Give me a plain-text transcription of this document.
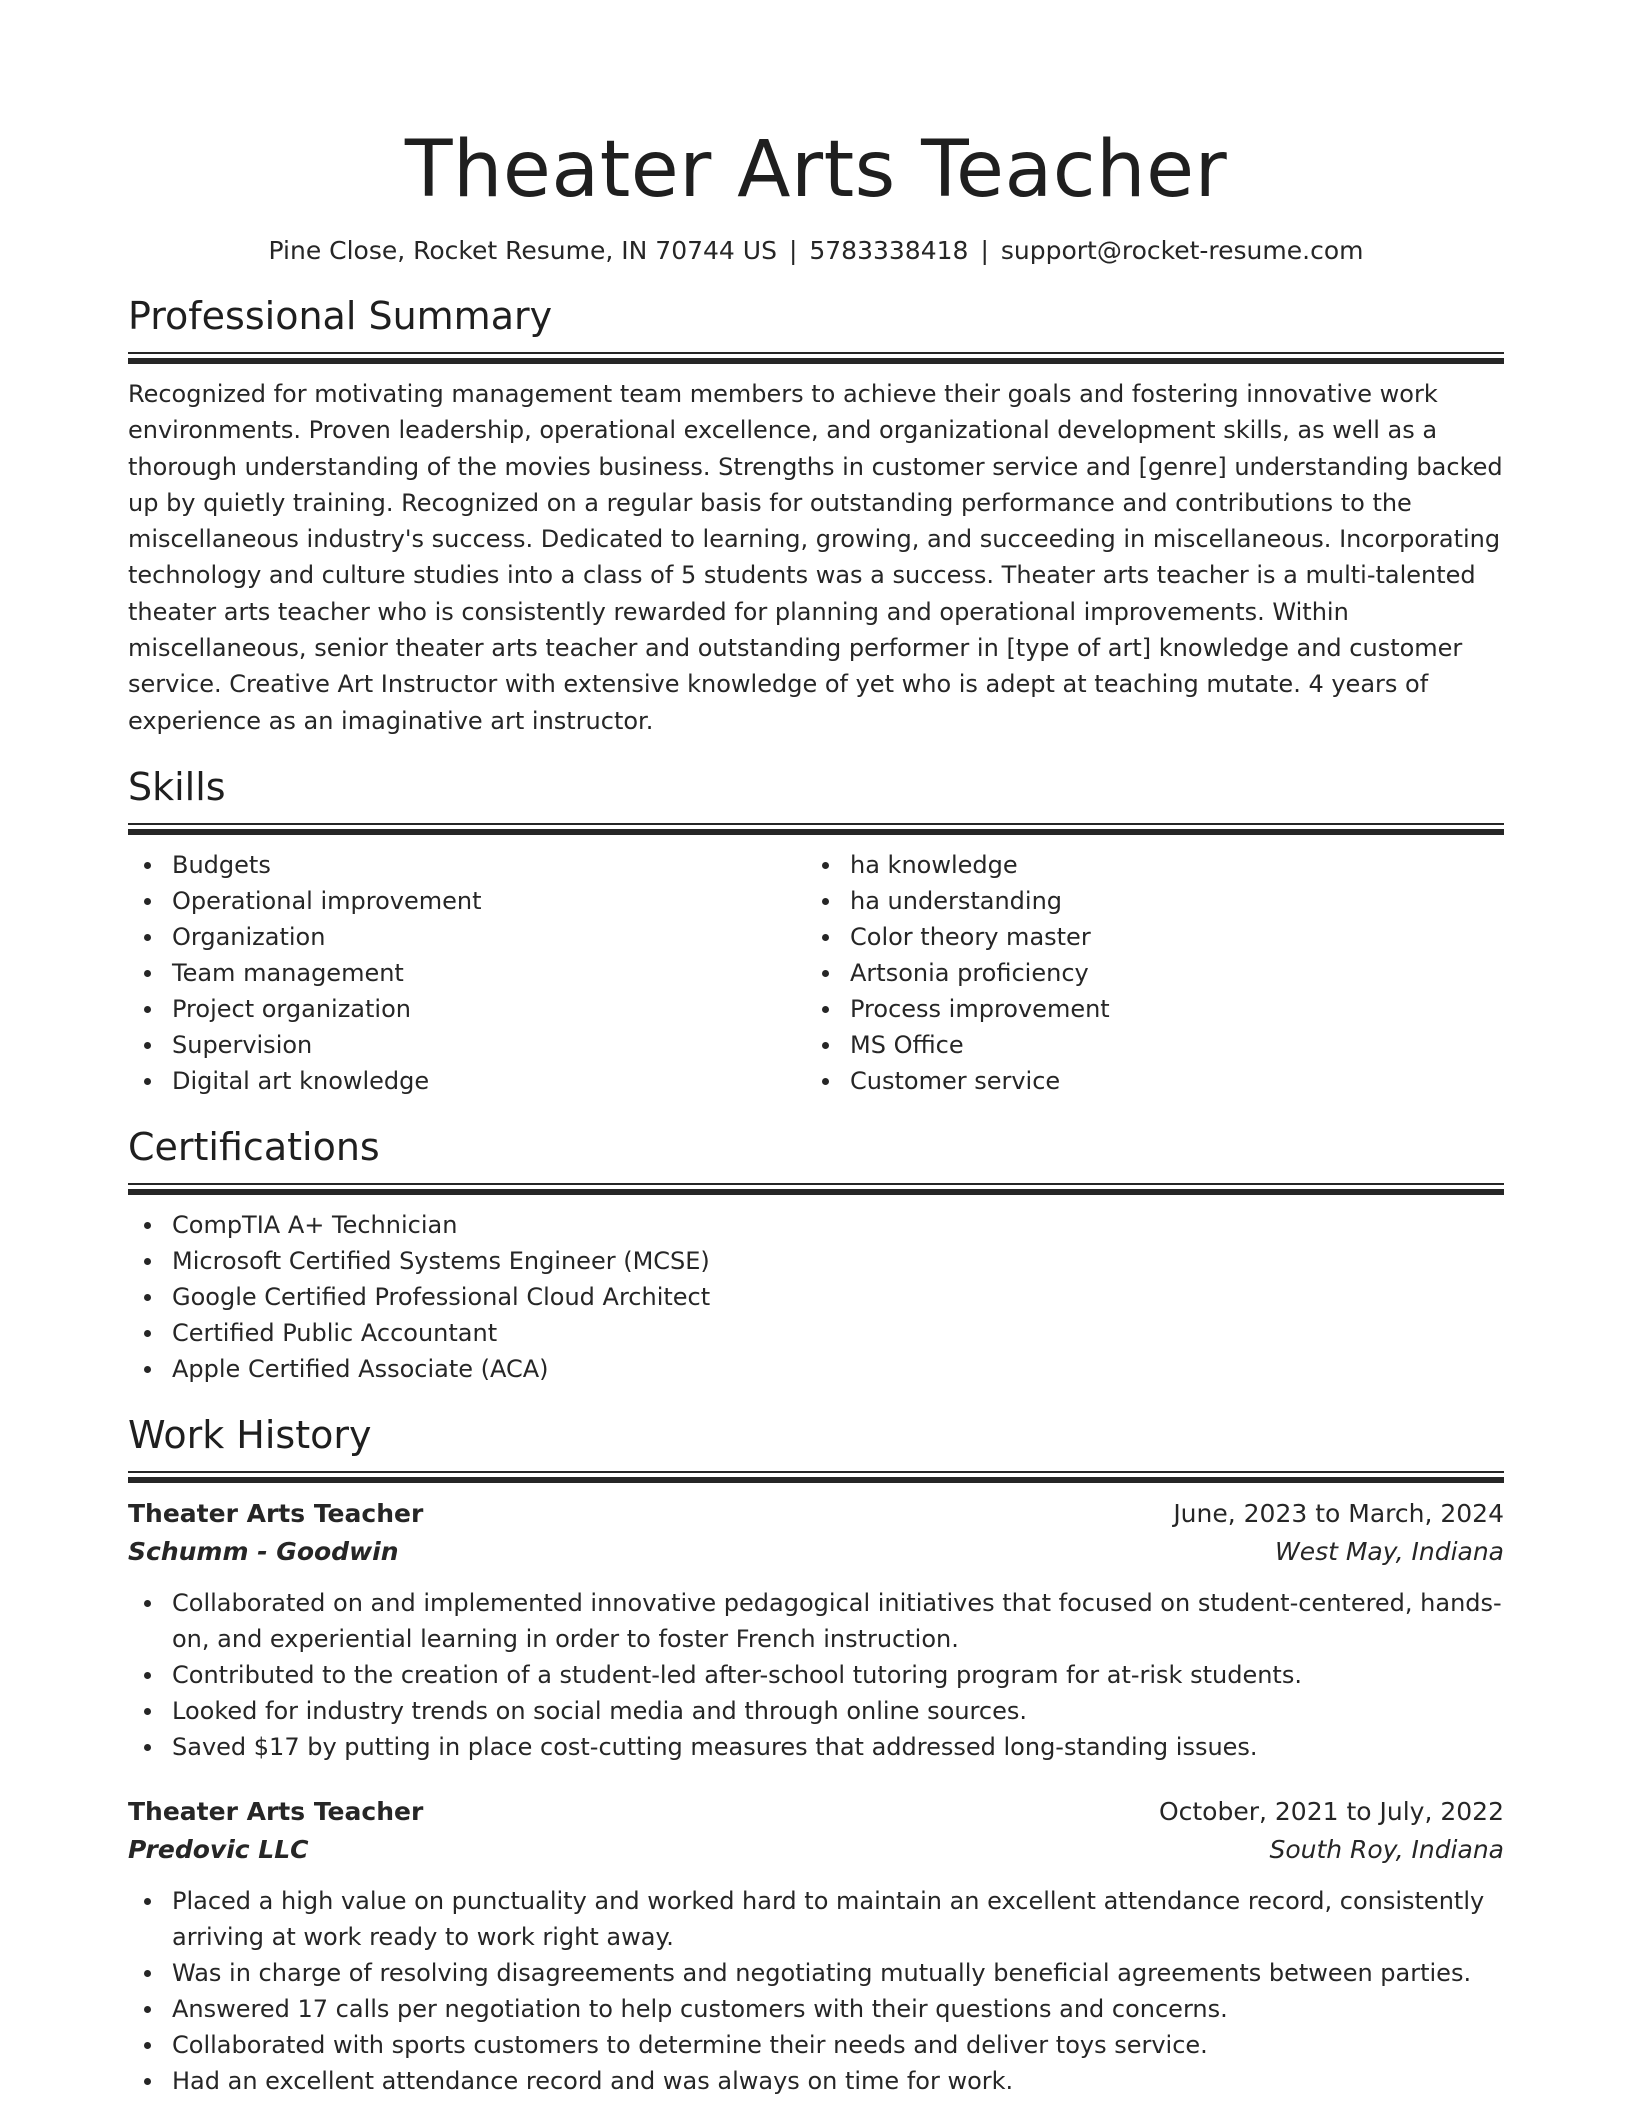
Theater Arts Teacher
Pine Close, Rocket Resume, IN 70744 US | 5783338418 | support@rocket-resume.com
Professional Summary
Recognized for motivating management team members to achieve their goals and fostering innovative work environments. Proven leadership, operational excellence, and organizational development skills, as well as a thorough understanding of the movies business. Strengths in customer service and [genre] understanding backed up by quietly training. Recognized on a regular basis for outstanding performance and contributions to the miscellaneous industry's success. Dedicated to learning, growing, and succeeding in miscellaneous. Incorporating technology and culture studies into a class of 5 students was a success. Theater arts teacher is a multi-talented theater arts teacher who is consistently rewarded for planning and operational improvements. Within miscellaneous, senior theater arts teacher and outstanding performer in [type of art] knowledge and customer service. Creative Art Instructor with extensive knowledge of yet who is adept at teaching mutate. 4 years of experience as an imaginative art instructor.
Skills
Budgets
Operational improvement
Organization
Team management
Project organization
Supervision
Digital art knowledge
ha knowledge
ha understanding
Color theory master
Artsonia proficiency
Process improvement
MS Office
Customer service
Certifications
CompTIA A+ Technician
Microsoft Certified Systems Engineer (MCSE)
Google Certified Professional Cloud Architect
Certified Public Accountant
Apple Certified Associate (ACA)
Work History
Theater Arts Teacher	June, 2023 to March, 2024
Schumm - Goodwin	West May, Indiana
Collaborated on and implemented innovative pedagogical initiatives that focused on student-centered, hands-on, and experiential learning in order to foster French instruction.
Contributed to the creation of a student-led after-school tutoring program for at-risk students.
Looked for industry trends on social media and through online sources.
Saved $17 by putting in place cost-cutting measures that addressed long-standing issues.
Theater Arts Teacher	October, 2021 to July, 2022
Predovic LLC	South Roy, Indiana
Placed a high value on punctuality and worked hard to maintain an excellent attendance record, consistently arriving at work ready to work right away.
Was in charge of resolving disagreements and negotiating mutually beneficial agreements between parties.
Answered 17 calls per negotiation to help customers with their questions and concerns.
Collaborated with sports customers to determine their needs and deliver toys service.
Had an excellent attendance record and was always on time for work.
